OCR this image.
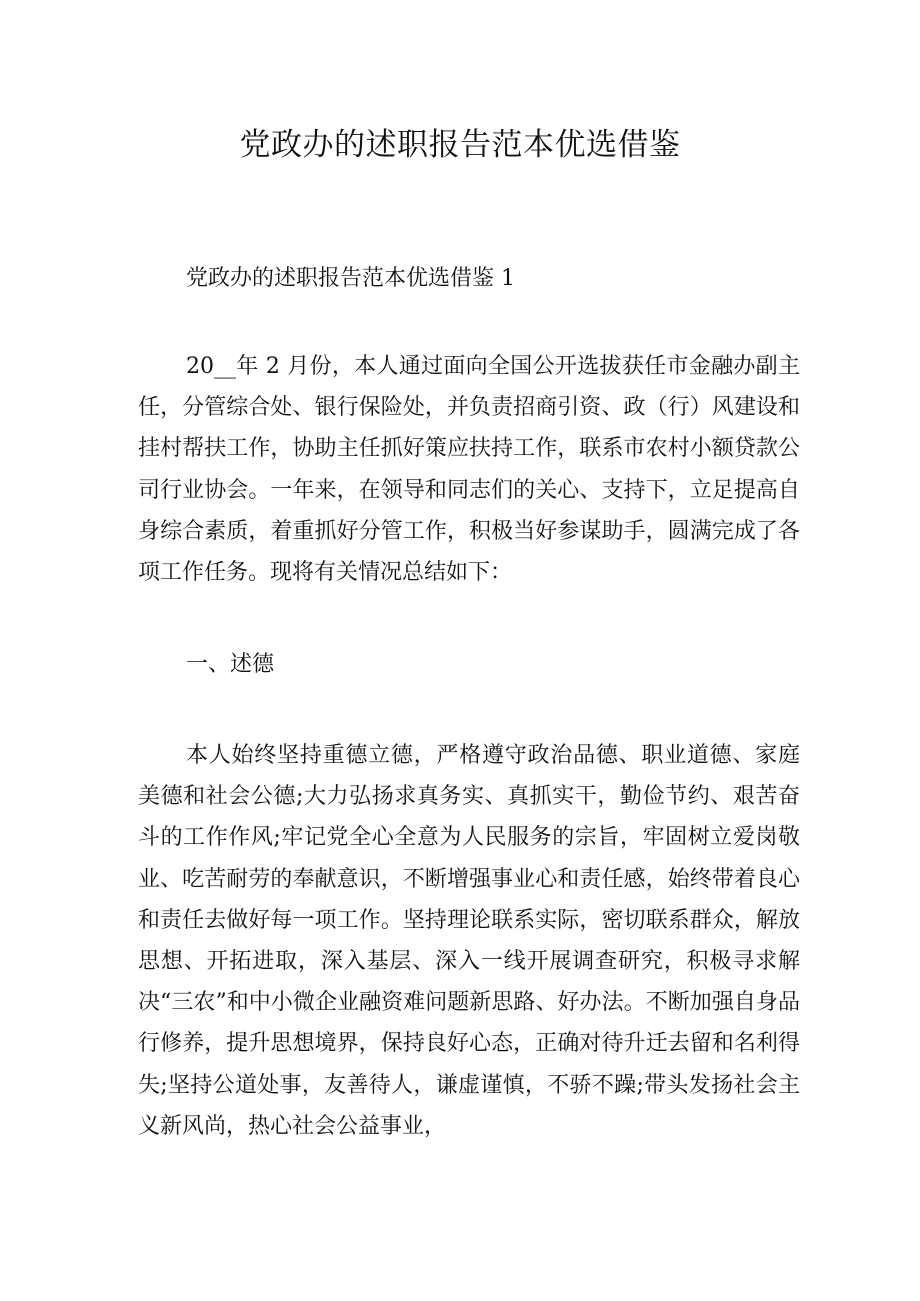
党政办的述职报告范本优选借鉴

党政办的述职报告范本优选借鉴 1

20__年 2 月份，本人通过面向全国公开选拔获任市金融办副主任，分管综合处、银行保险处，并负责招商引资、政（行）风建设和挂村帮扶工作，协助主任抓好策应扶持工作，联系市农村小额贷款公司行业协会。一年来，在领导和同志们的关心、支持下，立足提高自身综合素质，着重抓好分管工作，积极当好参谋助手，圆满完成了各项工作任务。现将有关情况总结如下：

一、述德

本人始终坚持重德立德，严格遵守政治品德、职业道德、家庭美德和社会公德;大力弘扬求真务实、真抓实干，勤俭节约、艰苦奋斗的工作作风;牢记党全心全意为人民服务的宗旨，牢固树立爱岗敬业、吃苦耐劳的奉献意识，不断增强事业心和责任感，始终带着良心和责任去做好每一项工作。坚持理论联系实际，密切联系群众，解放思想、开拓进取，深入基层、深入一线开展调查研究，积极寻求解决“三农”和中小微企业融资难问题新思路、好办法。不断加强自身品行修养，提升思想境界，保持良好心态，正确对待升迁去留和名利得失;坚持公道处事，友善待人，谦虚谨慎，不骄不躁;带头发扬社会主义新风尚，热心社会公益事业，
